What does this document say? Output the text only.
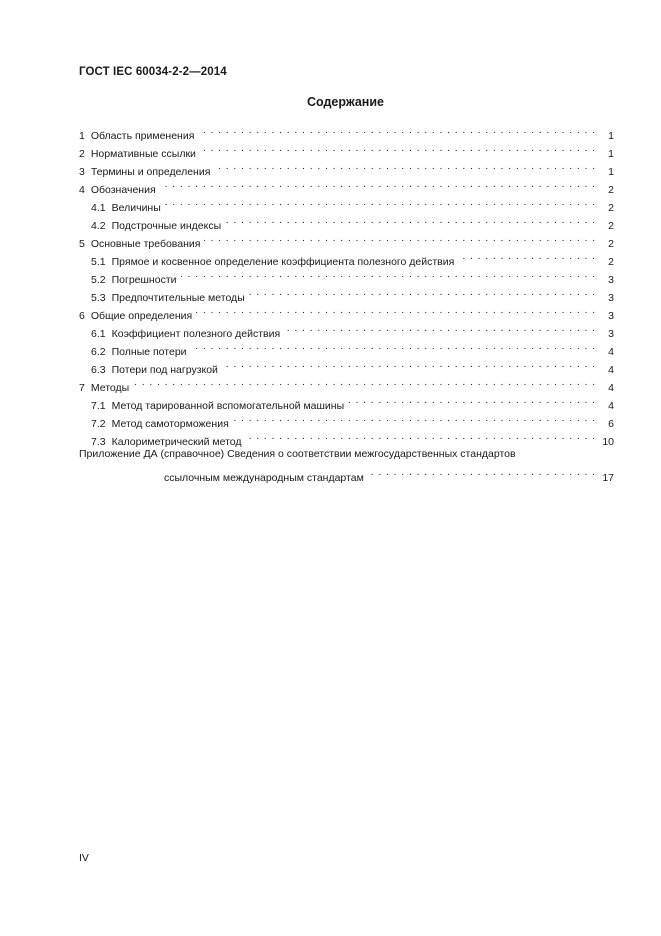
ГОСТ IEC 60034-2-2—2014
Содержание
1 Область применения . . .	1
2 Нормативные ссылки . . .	1
3 Термины и определения . . .	1
4 Обозначения . . .	2
4.1 Величины . . .	2
4.2 Подстрочные индексы . . .	2
5 Основные требования . . .	2
5.1 Прямое и косвенное определение коэффициента полезного действия . . .	2
5.2 Погрешности . . .	3
5.3 Предпочтительные методы . . .	3
6 Общие определения . . .	3
6.1 Коэффициент полезного действия . . .	3
6.2 Полные потери . . .	4
6.3 Потери под нагрузкой . . .	4
7 Методы . . .	4
7.1 Метод тарированной вспомогательной машины . . .	4
7.2 Метод самоторможения . . .	6
7.3 Калориметрический метод . . .	10
Приложение ДА (справочное) Сведения о соответствии межгосударственных стандартов
ссылочным международным стандартам . . .	17
IV
